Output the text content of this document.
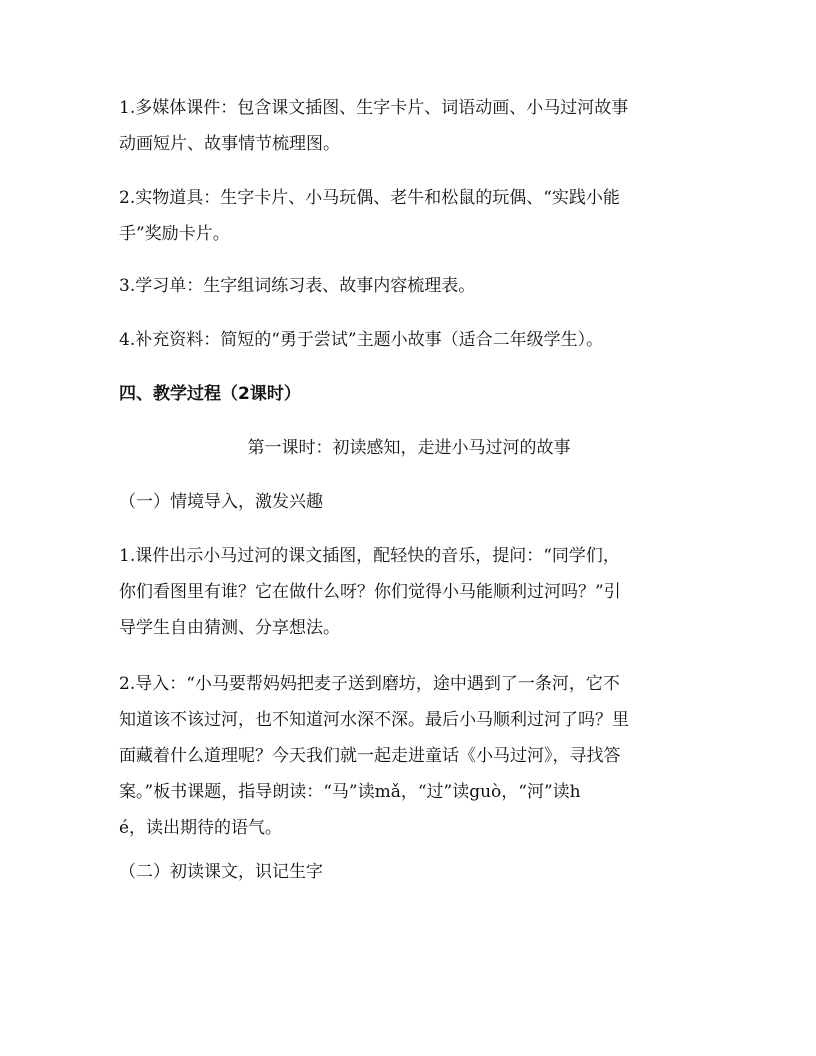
1.多媒体课件：包含课文插图、生字卡片、词语动画、小马过河故事
动画短片、故事情节梳理图。

2.实物道具：生字卡片、小马玩偶、老牛和松鼠的玩偶、“实践小能
手”奖励卡片。

3.学习单：生字组词练习表、故事内容梳理表。

4.补充资料：简短的“勇于尝试”主题小故事（适合二年级学生）。

四、教学过程（2课时）

第一课时：初读感知，走进小马过河的故事

（一）情境导入，激发兴趣

1.课件出示小马过河的课文插图，配轻快的音乐，提问：“同学们，
你们看图里有谁？它在做什么呀？你们觉得小马能顺利过河吗？”引
导学生自由猜测、分享想法。

2.导入：“小马要帮妈妈把麦子送到磨坊，途中遇到了一条河，它不
知道该不该过河，也不知道河水深不深。最后小马顺利过河了吗？里
面藏着什么道理呢？今天我们就一起走进童话《小马过河》，寻找答
案。”板书课题，指导朗读：“马”读mǎ，“过”读guò，“河”读h
é，读出期待的语气。

（二）初读课文，识记生字
